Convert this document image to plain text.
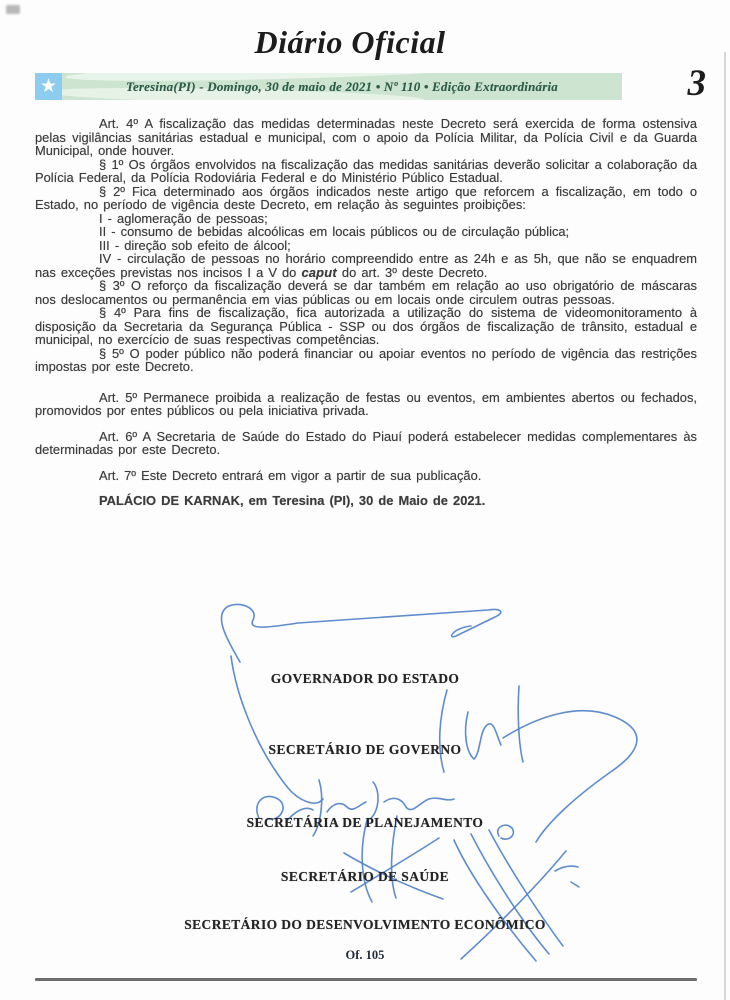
Diário Oficial
★	Teresina(PI) - Domingo, 30 de maio de 2021 • Nº 110 • Edição Extraordinária	3

Art. 4º A fiscalização das medidas determinadas neste Decreto será exercida de forma ostensiva pelas vigilâncias sanitárias estadual e municipal, com o apoio da Polícia Militar, da Polícia Civil e da Guarda Municipal, onde houver.

§ 1º Os órgãos envolvidos na fiscalização das medidas sanitárias deverão solicitar a colaboração da Polícia Federal, da Polícia Rodoviária Federal e do Ministério Público Estadual.

§ 2º Fica determinado aos órgãos indicados neste artigo que reforcem a fiscalização, em todo o Estado, no período de vigência deste Decreto, em relação às seguintes proibições:

I - aglomeração de pessoas;

II - consumo de bebidas alcoólicas em locais públicos ou de circulação pública;

III - direção sob efeito de álcool;

IV - circulação de pessoas no horário compreendido entre as 24h e as 5h, que não se enquadrem nas exceções previstas nos incisos I a V do caput do art. 3º deste Decreto.

§ 3º O reforço da fiscalização deverá se dar também em relação ao uso obrigatório de máscaras nos deslocamentos ou permanência em vias públicas ou em locais onde circulem outras pessoas.

§ 4º Para fins de fiscalização, fica autorizada a utilização do sistema de videomonitoramento à disposição da Secretaria da Segurança Pública - SSP ou dos órgãos de fiscalização de trânsito, estadual e municipal, no exercício de suas respectivas competências.

§ 5º O poder público não poderá financiar ou apoiar eventos no período de vigência das restrições impostas por este Decreto.

Art. 5º Permanece proibida a realização de festas ou eventos, em ambientes abertos ou fechados, promovidos por entes públicos ou pela iniciativa privada.

Art. 6º A Secretaria de Saúde do Estado do Piauí poderá estabelecer medidas complementares às determinadas por este Decreto.

Art. 7º Este Decreto entrará em vigor a partir de sua publicação.

PALÁCIO DE KARNAK, em Teresina (PI), 30 de Maio de 2021.

GOVERNADOR DO ESTADO
SECRETÁRIO DE GOVERNO
SECRETÁRIA DE PLANEJAMENTO
SECRETÁRIO DE SAÚDE
SECRETÁRIO DO DESENVOLVIMENTO ECONÔMICO
Of. 105
